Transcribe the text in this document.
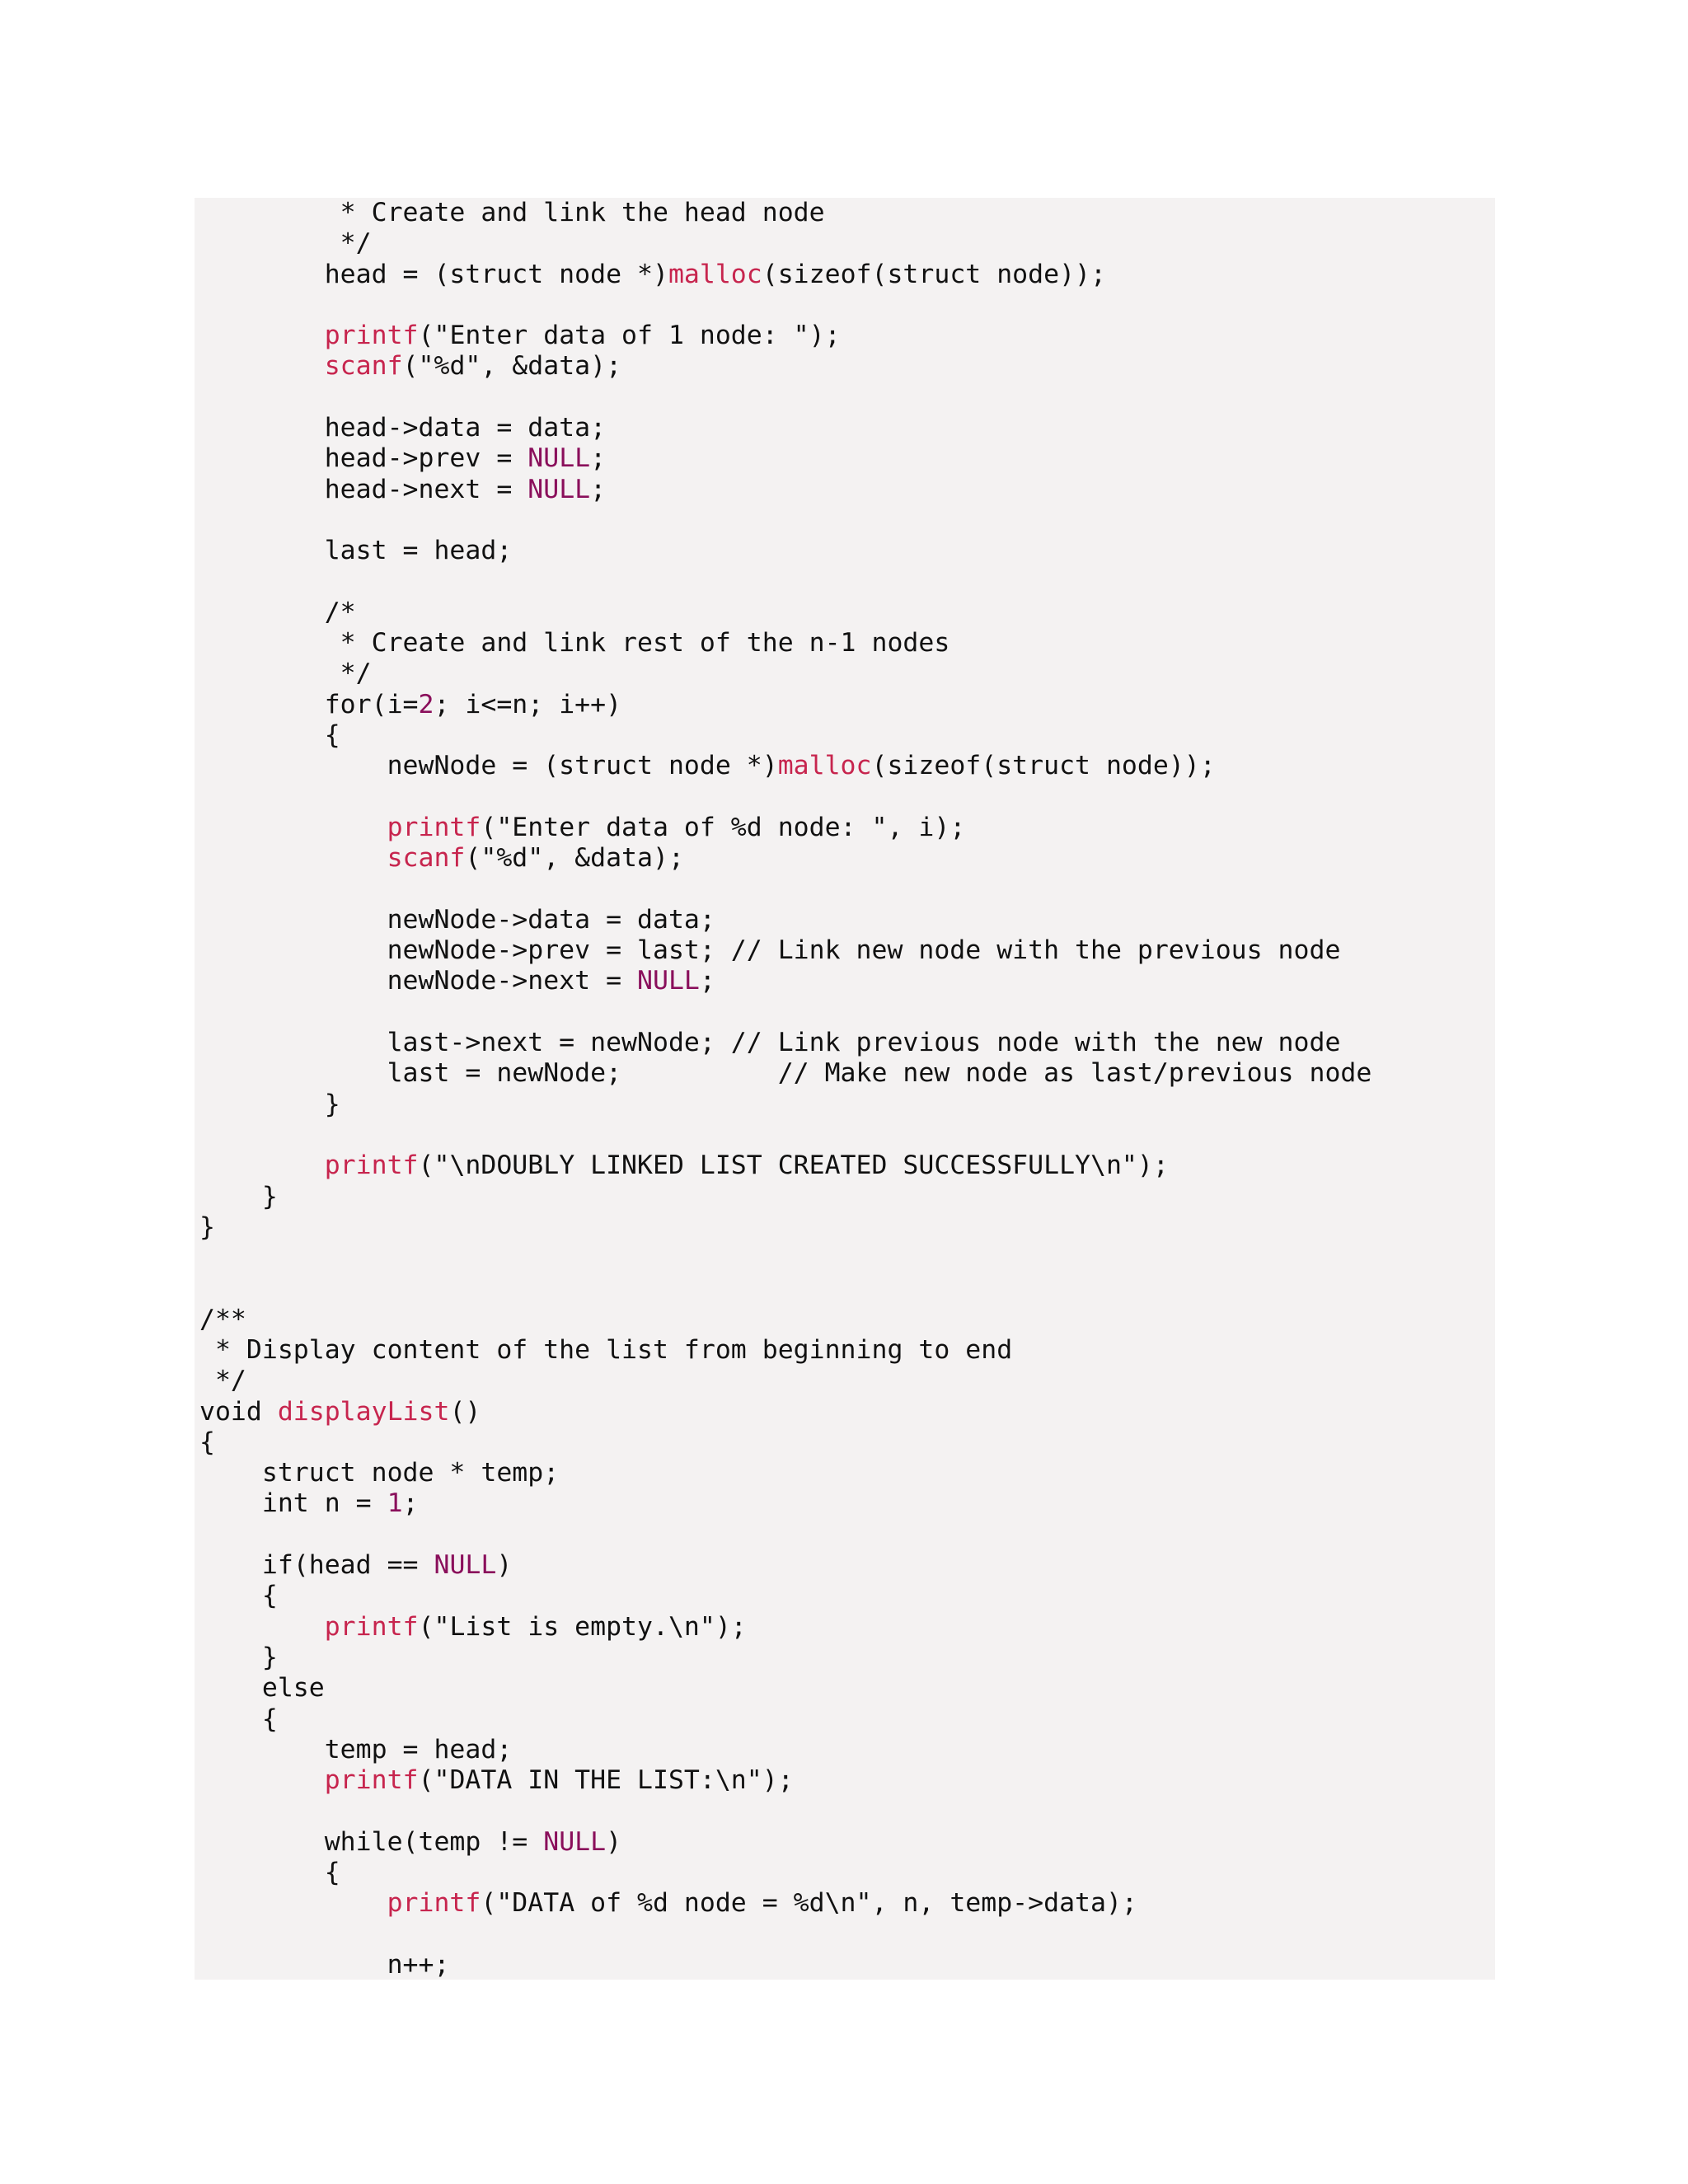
* Create and link the head node
*/
head = (struct node *)malloc(sizeof(struct node));

printf("Enter data of 1 node: ");
scanf("%d", &data);

head->data = data;
head->prev = NULL;
head->next = NULL;

last = head;

/*
* Create and link rest of the n-1 nodes
*/
for(i=2; i<=n; i++)
{
newNode = (struct node *)malloc(sizeof(struct node));

printf("Enter data of %d node: ", i);
scanf("%d", &data);

newNode->data = data;
newNode->prev = last; // Link new node with the previous node
newNode->next = NULL;

last->next = newNode; // Link previous node with the new node
last = newNode;          // Make new node as last/previous node
}

printf("\nDOUBLY LINKED LIST CREATED SUCCESSFULLY\n");
}
}

/**
* Display content of the list from beginning to end
*/
void displayList()
{
struct node * temp;
int n = 1;

if(head == NULL)
{
printf("List is empty.\n");
}
else
{
temp = head;
printf("DATA IN THE LIST:\n");

while(temp != NULL)
{
printf("DATA of %d node = %d\n", n, temp->data);

n++;
